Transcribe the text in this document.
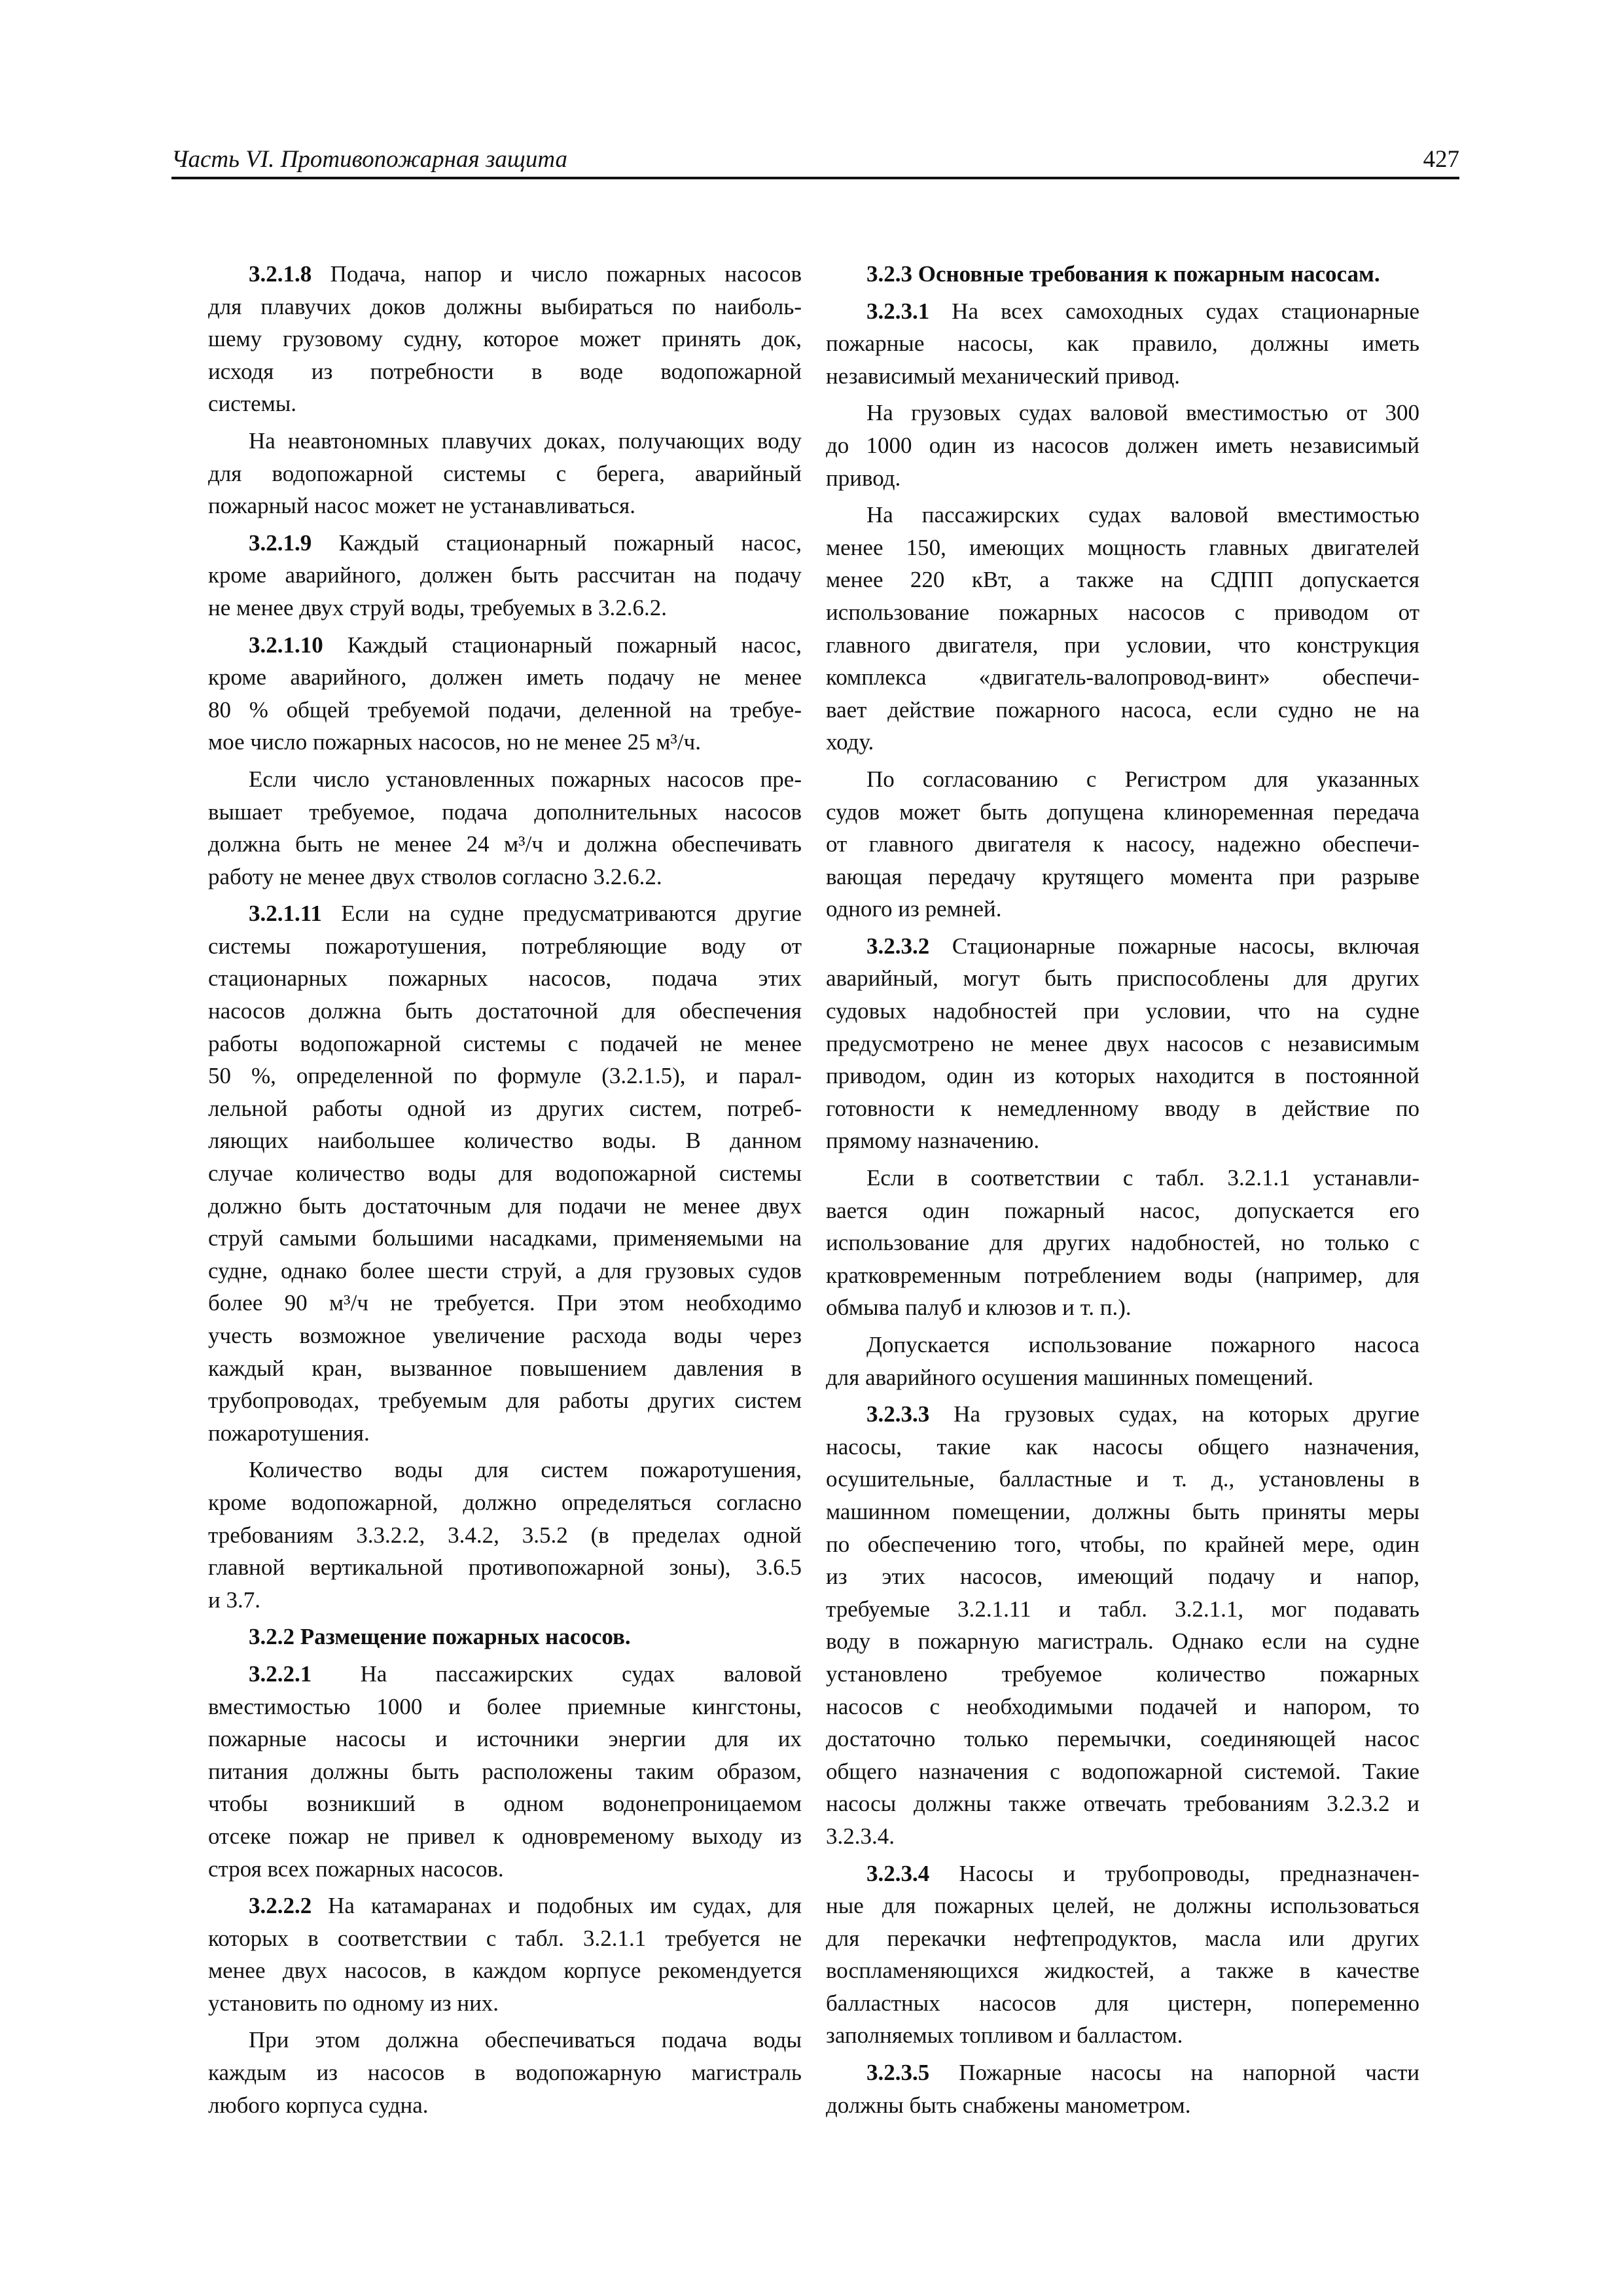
Часть VI. Противопожарная защита	427
3.2.1.8 Подача, напор и число пожарных насосов
для плавучих доков должны выбираться по наиболь-
шему грузовому судну, которое может принять док,
исходя из потребности в воде водопожарной
системы.
На неавтономных плавучих доках, получающих воду
для водопожарной системы с берега, аварийный
пожарный насос может не устанавливаться.
3.2.1.9 Каждый стационарный пожарный насос,
кроме аварийного, должен быть рассчитан на подачу
не менее двух струй воды, требуемых в 3.2.6.2.
3.2.1.10 Каждый стационарный пожарный насос,
кроме аварийного, должен иметь подачу не менее
80 % общей требуемой подачи, деленной на требуе-
мое число пожарных насосов, но не менее 25 м³/ч.
Если число установленных пожарных насосов пре-
вышает требуемое, подача дополнительных насосов
должна быть не менее 24 м³/ч и должна обеспечивать
работу не менее двух стволов согласно 3.2.6.2.
3.2.1.11 Если на судне предусматриваются другие
системы пожаротушения, потребляющие воду от
стационарных пожарных насосов, подача этих
насосов должна быть достаточной для обеспечения
работы водопожарной системы с подачей не менее
50 %, определенной по формуле (3.2.1.5), и парал-
лельной работы одной из других систем, потреб-
ляющих наибольшее количество воды. В данном
случае количество воды для водопожарной системы
должно быть достаточным для подачи не менее двух
струй самыми большими насадками, применяемыми на
судне, однако более шести струй, а для грузовых судов
более 90 м³/ч не требуется. При этом необходимо
учесть возможное увеличение расхода воды через
каждый кран, вызванное повышением давления в
трубопроводах, требуемым для работы других систем
пожаротушения.
Количество воды для систем пожаротушения,
кроме водопожарной, должно определяться согласно
требованиям 3.3.2.2, 3.4.2, 3.5.2 (в пределах одной
главной вертикальной противопожарной зоны), 3.6.5
и 3.7.
3.2.2 Размещение пожарных насосов.
3.2.2.1 На пассажирских судах валовой
вместимостью 1000 и более приемные кингстоны,
пожарные насосы и источники энергии для их
питания должны быть расположены таким образом,
чтобы возникший в одном водонепроницаемом
отсеке пожар не привел к одновременому выходу из
строя всех пожарных насосов.
3.2.2.2 На катамаранах и подобных им судах, для
которых в соответствии с табл. 3.2.1.1 требуется не
менее двух насосов, в каждом корпусе рекомендуется
установить по одному из них.
При этом должна обеспечиваться подача воды
каждым из насосов в водопожарную магистраль
любого корпуса судна.
3.2.3 Основные требования к пожарным насосам.
3.2.3.1 На всех самоходных судах стационарные
пожарные насосы, как правило, должны иметь
независимый механический привод.
На грузовых судах валовой вместимостью от 300
до 1000 один из насосов должен иметь независимый
привод.
На пассажирских судах валовой вместимостью
менее 150, имеющих мощность главных двигателей
менее 220 кВт, а также на СДПП допускается
использование пожарных насосов с приводом от
главного двигателя, при условии, что конструкция
комплекса «двигатель-валопровод-винт» обеспечи-
вает действие пожарного насоса, если судно не на
ходу.
По согласованию с Регистром для указанных
судов может быть допущена клиноременная передача
от главного двигателя к насосу, надежно обеспечи-
вающая передачу крутящего момента при разрыве
одного из ремней.
3.2.3.2 Стационарные пожарные насосы, включая
аварийный, могут быть приспособлены для других
судовых надобностей при условии, что на судне
предусмотрено не менее двух насосов с независимым
приводом, один из которых находится в постоянной
готовности к немедленному вводу в действие по
прямому назначению.
Если в соответствии с табл. 3.2.1.1 устанавли-
вается один пожарный насос, допускается его
использование для других надобностей, но только с
кратковременным потреблением воды (например, для
обмыва палуб и клюзов и т. п.).
Допускается использование пожарного насоса
для аварийного осушения машинных помещений.
3.2.3.3 На грузовых судах, на которых другие
насосы, такие как насосы общего назначения,
осушительные, балластные и т. д., установлены в
машинном помещении, должны быть приняты меры
по обеспечению того, чтобы, по крайней мере, один
из этих насосов, имеющий подачу и напор,
требуемые 3.2.1.11 и табл. 3.2.1.1, мог подавать
воду в пожарную магистраль. Однако если на судне
установлено требуемое количество пожарных
насосов с необходимыми подачей и напором, то
достаточно только перемычки, соединяющей насос
общего назначения с водопожарной системой. Такие
насосы должны также отвечать требованиям 3.2.3.2 и
3.2.3.4.
3.2.3.4 Насосы и трубопроводы, предназначен-
ные для пожарных целей, не должны использоваться
для перекачки нефтепродуктов, масла или других
воспламеняющихся жидкостей, а также в качестве
балластных насосов для цистерн, попеременно
заполняемых топливом и балластом.
3.2.3.5 Пожарные насосы на напорной части
должны быть снабжены манометром.
